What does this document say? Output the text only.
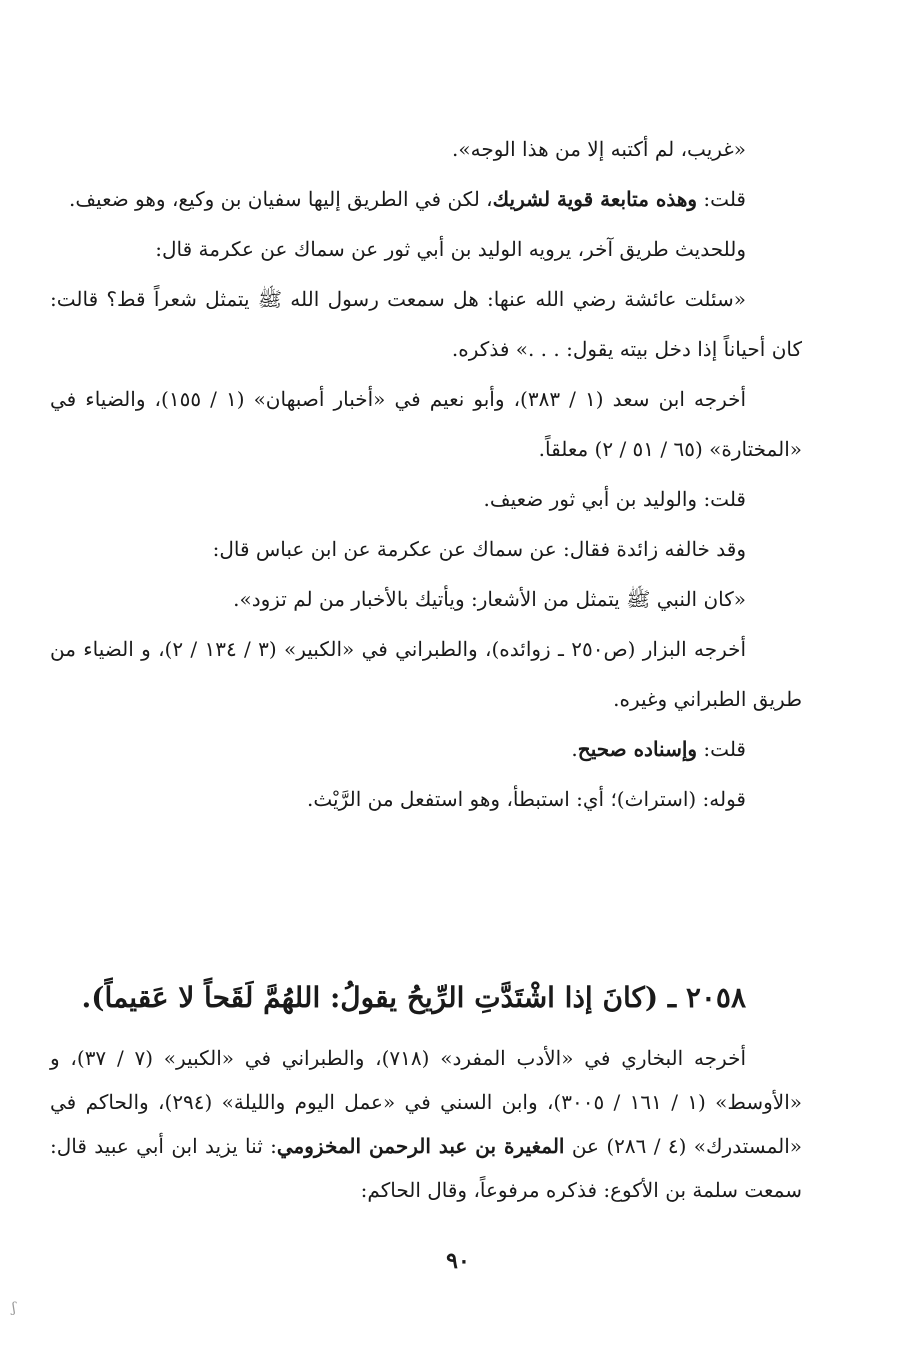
«غريب، لم أكتبه إلا من هذا الوجه».

قلت: وهذه متابعة قوية لشريك، لكن في الطريق إليها سفيان بن وكيع، وهو ضعيف.

وللحديث طريق آخر، يرويه الوليد بن أبي ثور عن سماك عن عكرمة قال:

«سئلت عائشة رضي الله عنها: هل سمعت رسول الله ﷺ يتمثل شعراً قط؟ قالت: كان أحياناً إذا دخل بيته يقول: . . .» فذكره.

أخرجه ابن سعد (١ / ٣٨٣)، وأبو نعيم في «أخبار أصبهان» (١ / ١٥٥)، والضياء في «المختارة» (٦٥ / ٥١ / ٢) معلقاً.

قلت: والوليد بن أبي ثور ضعيف.

وقد خالفه زائدة فقال: عن سماك عن عكرمة عن ابن عباس قال:

«كان النبي ﷺ يتمثل من الأشعار: ويأتيك بالأخبار من لم تزود».

أخرجه البزار (ص٢٥٠ ـ زوائده)، والطبراني في «الكبير» (٣ / ١٣٤ / ٢)، و الضياء من طريق الطبراني وغيره.

قلت: وإسناده صحيح.

قوله: (استراث)؛ أي: استبطأ، وهو استفعل من الرَّيْث.

٢٠٥٨ ـ (كانَ إذا اشْتَدَّتِ الرِّيحُ يقولُ: اللهُمَّ لَقَحاً لا عَقيماً).

أخرجه البخاري في «الأدب المفرد» (٧١٨)، والطبراني في «الكبير» (٧ / ٣٧)، و «الأوسط» (١ / ١٦١ / ٣٠٠٥)، وابن السني في «عمل اليوم والليلة» (٢٩٤)، والحاكم في «المستدرك» (٤ / ٢٨٦) عن المغيرة بن عبد الرحمن المخزومي: ثنا يزيد ابن أبي عبيد قال: سمعت سلمة بن الأكوع: فذكره مرفوعاً، وقال الحاكم:

٩٠
ʃ
